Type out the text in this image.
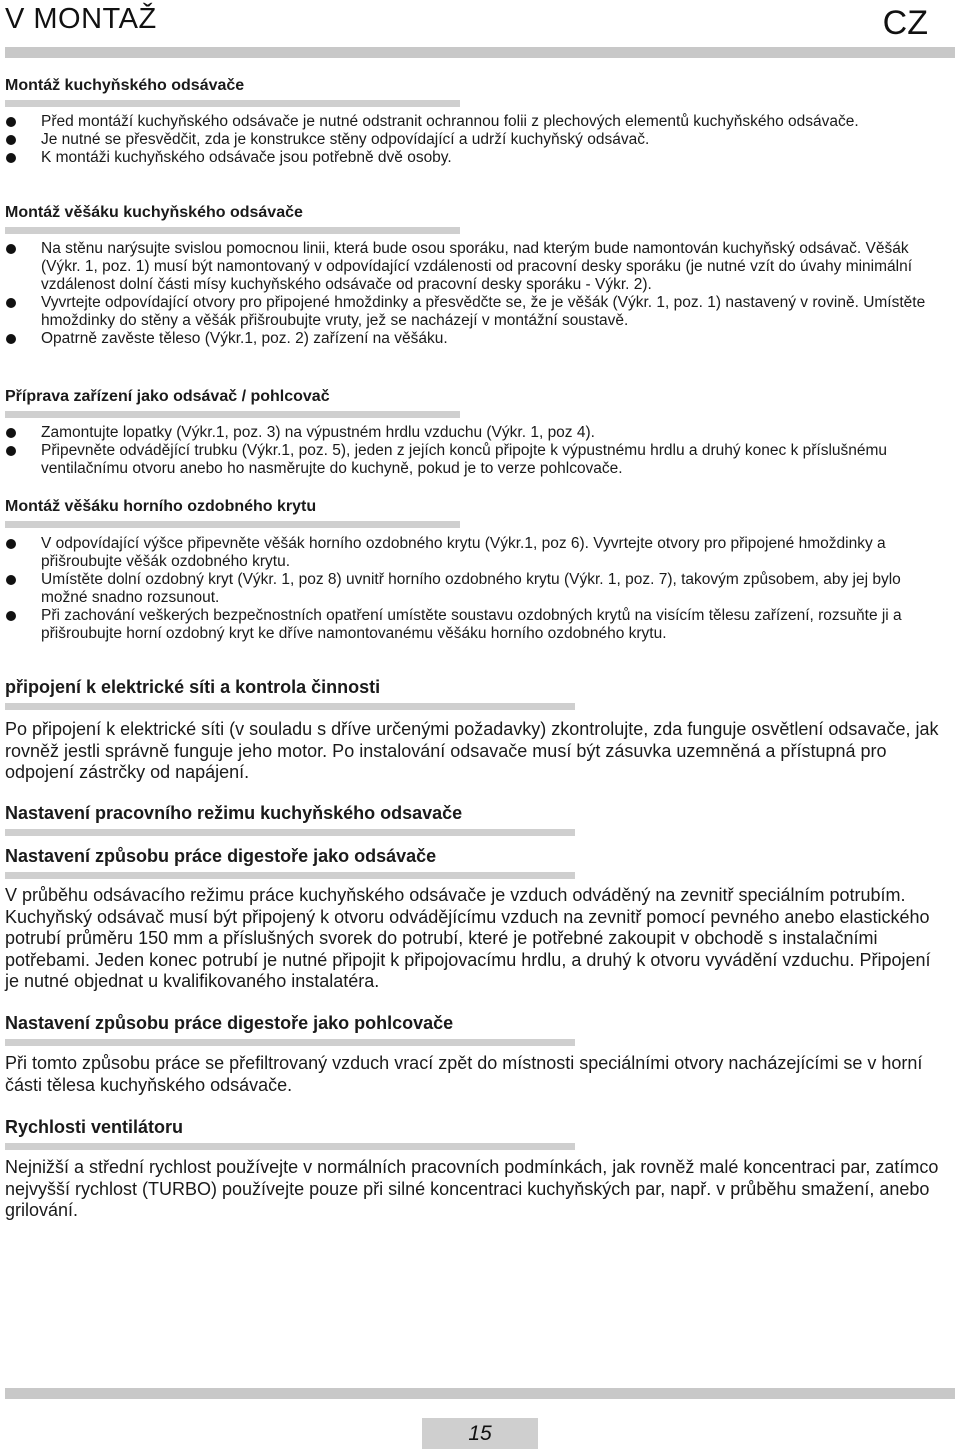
V MONTAŽ	CZ
Montáž kuchyňského odsávače
Před montáží kuchyňského odsávače je nutné odstranit ochrannou folii z plechových elementů kuchyňského odsávače.
Je nutné se přesvědčit, zda je konstrukce stěny odpovídající a udrží kuchyňský odsávač.
K montáži kuchyňského odsávače jsou potřebně dvě osoby.
Montáž věšáku kuchyňského odsávače
Na stěnu narýsujte svislou pomocnou linii, která bude osou sporáku, nad kterým bude namontován kuchyňský odsávač. Věšák (Výkr. 1, poz. 1) musí být namontovaný v odpovídající vzdálenosti od pracovní desky sporáku (je nutné vzít do úvahy minimální vzdálenost dolní části mísy kuchyňského odsávače od pracovní desky sporáku - Výkr. 2).
Vyvrtejte odpovídající otvory pro připojené hmoždinky a přesvědčte se, že je věšák (Výkr. 1, poz. 1) nastavený v rovině. Umístěte hmoždinky do stěny a věšák přišroubujte vruty, jež se nacházejí v montážní soustavě.
Opatrně zavěste těleso (Výkr.1, poz. 2) zařízení na věšáku.
Příprava zařízení jako odsávač / pohlcovač
Zamontujte lopatky (Výkr.1, poz. 3) na výpustném hrdlu vzduchu (Výkr. 1, poz 4).
Připevněte odvádějící trubku (Výkr.1, poz. 5), jeden z jejích konců připojte k výpustnému hrdlu a druhý konec k příslušnému ventilačnímu otvoru anebo ho nasměrujte do kuchyně, pokud je to verze pohlcovače.
Montáž věšáku horního ozdobného krytu
V odpovídající výšce připevněte věšák horního ozdobného krytu (Výkr.1, poz 6). Vyvrtejte otvory pro připojené hmoždinky a přišroubujte věšák ozdobného krytu.
Umístěte dolní ozdobný kryt (Výkr. 1, poz 8) uvnitř horního ozdobného krytu (Výkr. 1, poz. 7), takovým způsobem, aby jej bylo možné snadno rozsunout.
Při zachování veškerých bezpečnostních opatření umístěte soustavu ozdobných krytů na visícím tělesu zařízení, rozsuňte ji a přišroubujte horní ozdobný kryt ke dříve namontovanému věšáku horního ozdobného krytu.
připojení k elektrické síti a kontrola činnosti

Po připojení k elektrické síti (v souladu s dříve určenými požadavky) zkontrolujte, zda funguje osvětlení odsavače, jak rovněž jestli správně funguje jeho motor. Po instalování odsavače musí být zásuvka uzemněná a přístupná pro odpojení zástrčky od napájení.

Nastavení pracovního režimu kuchyňského odsavače
Nastavení způsobu práce digestoře jako odsávače

V průběhu odsávacího režimu práce kuchyňského odsávače je vzduch odváděný na zevnitř speciálním potrubím. Kuchyňský odsávač musí být připojený k otvoru odvádějícímu vzduch na zevnitř pomocí pevného anebo elastického potrubí průměru 150 mm a příslušných svorek do potrubí, které je potřebné zakoupit v obchodě s instalačními potřebami. Jeden konec potrubí je nutné připojit k připojovacímu hrdlu, a druhý k otvoru vyvádění vzduchu. Připojení je nutné objednat u kvalifikovaného instalatéra.

Nastavení způsobu práce digestoře jako pohlcovače

Při tomto způsobu práce se přefiltrovaný vzduch vrací zpět do místnosti speciálními otvory nacházejícími se v horní části tělesa kuchyňského odsávače.

Rychlosti ventilátoru

Nejnižší a střední rychlost používejte v normálních pracovních podmínkách, jak rovněž malé koncentraci par, zatímco nejvyšší rychlost (TURBO) používejte pouze při silné koncentraci kuchyňských par, např. v průběhu smažení, anebo grilování.

15
